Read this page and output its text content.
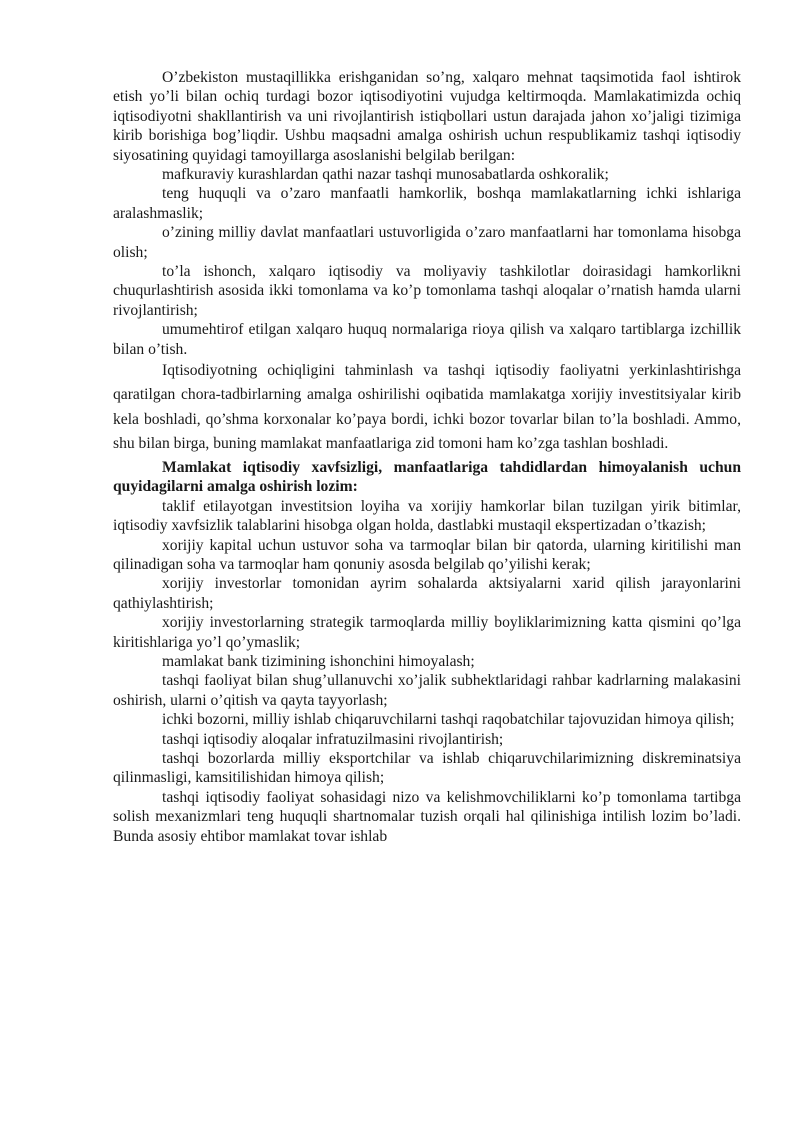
O’zbekiston mustaqillikka erishganidan so’ng, xalqaro mehnat taqsimotida faol ishtirok etish yo’li bilan ochiq turdagi bozor iqtisodiyotini vujudga keltirmoqda. Mamlakatimizda ochiq iqtisodiyotni shakllantirish va uni rivojlantirish istiqbollari ustun darajada jahon xo’jaligi tizimiga kirib borishiga bog’liqdir. Ushbu maqsadni amalga oshirish uchun respublikamiz tashqi iqtisodiy siyosatining quyidagi tamoyillarga asoslanishi belgilab berilgan:

mafkuraviy kurashlardan qathi nazar tashqi munosabatlarda oshkoralik;

teng huquqli va o’zaro manfaatli hamkorlik, boshqa mamlakatlarning ichki ishlariga aralashmaslik;

o’zining milliy davlat manfaatlari ustuvorligida o’zaro manfaatlarni har tomonlama hisobga olish;

to’la ishonch, xalqaro iqtisodiy va moliyaviy tashkilotlar doirasidagi hamkorlikni chuqurlashtirish asosida ikki tomonlama va ko’p tomonlama tashqi aloqalar o’rnatish hamda ularni rivojlantirish;

umumehtirof etilgan xalqaro huquq normalariga rioya qilish va xalqaro tartiblarga izchillik bilan o’tish.

Iqtisodiyotning ochiqligini tahminlash va tashqi iqtisodiy faoliyatni yerkinlashtirishga qaratilgan chora-tadbirlarning amalga oshirilishi oqibatida mamlakatga xorijiy investitsiyalar kirib kela boshladi, qo’shma korxonalar ko’paya bordi, ichki bozor tovarlar bilan to’la boshladi. Ammo, shu bilan birga, buning mamlakat manfaatlariga zid tomoni ham ko’zga tashlan boshladi.

Mamlakat iqtisodiy xavfsizligi, manfaatlariga tahdidlardan himoyalanish uchun quyidagilarni amalga oshirish lozim:

taklif etilayotgan investitsion loyiha va xorijiy hamkorlar bilan tuzilgan yirik bitimlar, iqtisodiy xavfsizlik talablarini hisobga olgan holda, dastlabki mustaqil ekspertizadan o’tkazish;

xorijiy kapital uchun ustuvor soha va tarmoqlar bilan bir qatorda, ularning kiritilishi man qilinadigan soha va tarmoqlar ham qonuniy asosda belgilab qo’yilishi kerak;

xorijiy investorlar tomonidan ayrim sohalarda aktsiyalarni xarid qilish jarayonlarini qathiylashtirish;

xorijiy investorlarning strategik tarmoqlarda milliy boyliklarimizning katta qismini qo’lga kiritishlariga yo’l qo’ymaslik;

mamlakat bank tizimining ishonchini himoyalash;

tashqi faoliyat bilan shug’ullanuvchi xo’jalik subhektlaridagi rahbar kadrlarning malakasini oshirish, ularni o’qitish va qayta tayyorlash;

ichki bozorni, milliy ishlab chiqaruvchilarni tashqi raqobatchilar tajovuzidan himoya qilish;

tashqi iqtisodiy aloqalar infratuzilmasini rivojlantirish;

tashqi bozorlarda milliy eksportchilar va ishlab chiqaruvchilarimizning diskreminatsiya qilinmasligi, kamsitilishidan himoya qilish;

tashqi iqtisodiy faoliyat sohasidagi nizo va kelishmovchiliklarni ko’p tomonlama tartibga solish mexanizmlari teng huquqli shartnomalar tuzish orqali hal qilinishiga intilish lozim bo’ladi. Bunda asosiy ehtibor mamlakat tovar ishlab
